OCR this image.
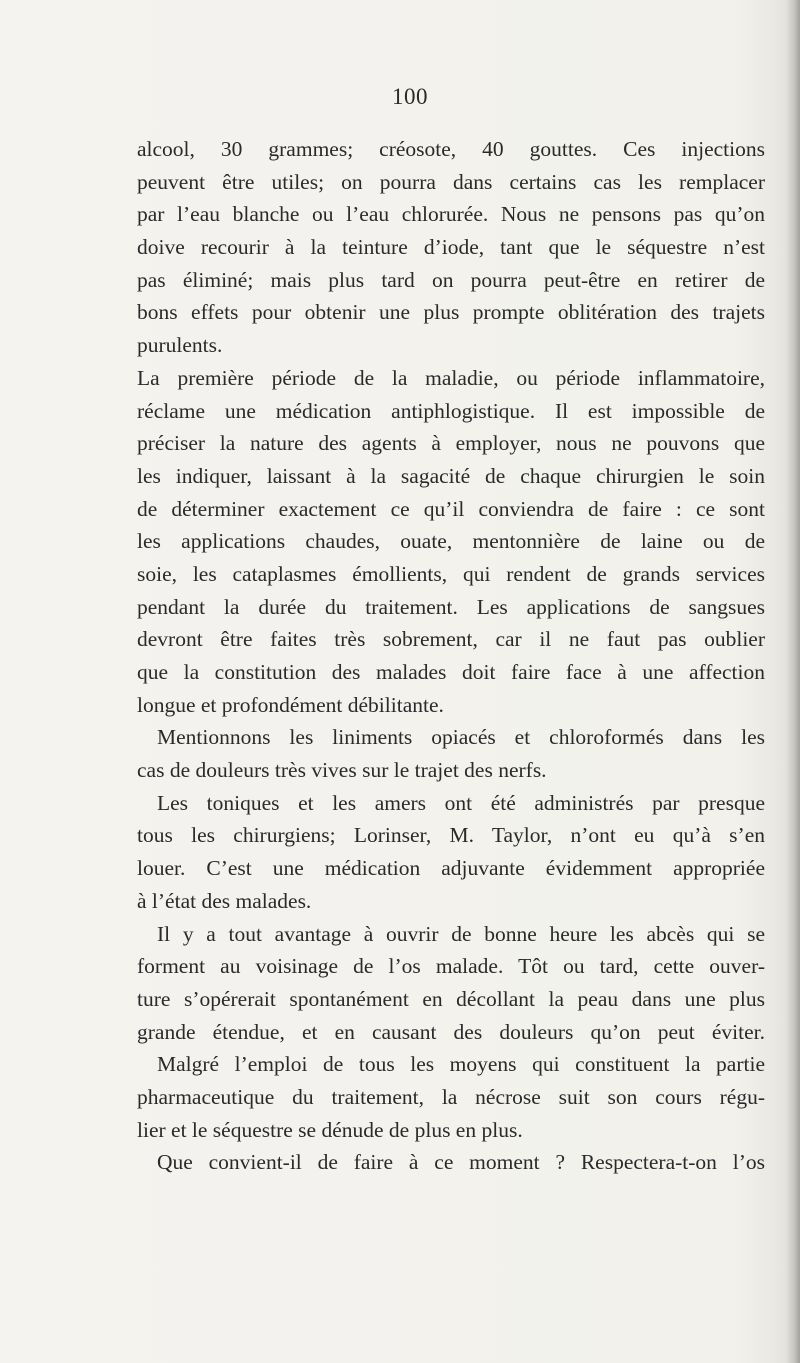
100
alcool, 30 grammes; créosote, 40 gouttes. Ces injections
peuvent être utiles; on pourra dans certains cas les remplacer
par l’eau blanche ou l’eau chlorurée. Nous ne pensons pas qu’on
doive recourir à la teinture d’iode, tant que le séquestre n’est
pas éliminé; mais plus tard on pourra peut-être en retirer de
bons effets pour obtenir une plus prompte oblitération des trajets
purulents.
La première période de la maladie, ou période inflammatoire,
réclame une médication antiphlogistique. Il est impossible de
préciser la nature des agents à employer, nous ne pouvons que
les indiquer, laissant à la sagacité de chaque chirurgien le soin
de déterminer exactement ce qu’il conviendra de faire : ce sont
les applications chaudes, ouate, mentonnière de laine ou de
soie, les cataplasmes émollients, qui rendent de grands services
pendant la durée du traitement. Les applications de sangsues
devront être faites très sobrement, car il ne faut pas oublier
que la constitution des malades doit faire face à une affection
longue et profondément débilitante.
Mentionnons les liniments opiacés et chloroformés dans les
cas de douleurs très vives sur le trajet des nerfs.
Les toniques et les amers ont été administrés par presque
tous les chirurgiens; Lorinser, M. Taylor, n’ont eu qu’à s’en
louer. C’est une médication adjuvante évidemment appropriée
à l’état des malades.
Il y a tout avantage à ouvrir de bonne heure les abcès qui se
forment au voisinage de l’os malade. Tôt ou tard, cette ouver-
ture s’opérerait spontanément en décollant la peau dans une plus
grande étendue, et en causant des douleurs qu’on peut éviter.
Malgré l’emploi de tous les moyens qui constituent la partie
pharmaceutique du traitement, la nécrose suit son cours régu-
lier et le séquestre se dénude de plus en plus.
Que convient-il de faire à ce moment ? Respectera-t-on l’os
